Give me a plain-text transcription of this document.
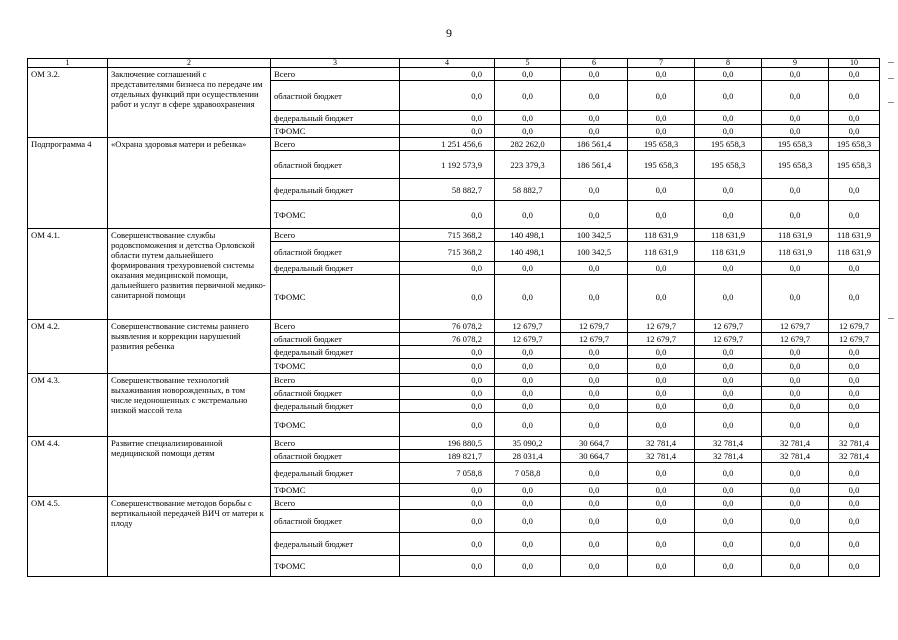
9
1	2	3	4	5	6	7	8	9	10
ОМ 3.2.	Заключение соглашений с представителями бизнеса по передаче им отдельных функций при осуществлении работ и услуг в сфере здравоохранения	Всего	0,0	0,0	0,0	0,0	0,0	0,0	0,0
		областной бюджет	0,0	0,0	0,0	0,0	0,0	0,0	0,0
		федеральный бюджет	0,0	0,0	0,0	0,0	0,0	0,0	0,0
		ТФОМС	0,0	0,0	0,0	0,0	0,0	0,0	0,0
Подпрограмма 4	«Охрана здоровья матери и ребенка»	Всего	1 251 456,6	282 262,0	186 561,4	195 658,3	195 658,3	195 658,3	195 658,3
		областной бюджет	1 192 573,9	223 379,3	186 561,4	195 658,3	195 658,3	195 658,3	195 658,3
		федеральный бюджет	58 882,7	58 882,7	0,0	0,0	0,0	0,0	0,0
		ТФОМС	0,0	0,0	0,0	0,0	0,0	0,0	0,0
ОМ 4.1.	Совершенствование службы родовспоможения и детства Орловской области путем дальнейшего формирования трехуровневой системы оказания медицинской помощи, дальнейшего развития первичной медико-санитарной помощи	Всего	715 368,2	140 498,1	100 342,5	118 631,9	118 631,9	118 631,9	118 631,9
		областной бюджет	715 368,2	140 498,1	100 342,5	118 631,9	118 631,9	118 631,9	118 631,9
		федеральный бюджет	0,0	0,0	0,0	0,0	0,0	0,0	0,0
		ТФОМС	0,0	0,0	0,0	0,0	0,0	0,0	0,0
ОМ 4.2.	Совершенствование системы раннего выявления и коррекции нарушений развития ребенка	Всего	76 078,2	12 679,7	12 679,7	12 679,7	12 679,7	12 679,7	12 679,7
		областной бюджет	76 078,2	12 679,7	12 679,7	12 679,7	12 679,7	12 679,7	12 679,7
		федеральный бюджет	0,0	0,0	0,0	0,0	0,0	0,0	0,0
		ТФОМС	0,0	0,0	0,0	0,0	0,0	0,0	0,0
ОМ 4.3.	Совершенствование технологий выхаживания новорожденных, в том числе недоношенных с экстремально низкой массой тела	Всего	0,0	0,0	0,0	0,0	0,0	0,0	0,0
		областной бюджет	0,0	0,0	0,0	0,0	0,0	0,0	0,0
		федеральный бюджет	0,0	0,0	0,0	0,0	0,0	0,0	0,0
		ТФОМС	0,0	0,0	0,0	0,0	0,0	0,0	0,0
ОМ 4.4.	Развитие специализированной медицинской помощи детям	Всего	196 880,5	35 090,2	30 664,7	32 781,4	32 781,4	32 781,4	32 781,4
		областной бюджет	189 821,7	28 031,4	30 664,7	32 781,4	32 781,4	32 781,4	32 781,4
		федеральный бюджет	7 058,8	7 058,8	0,0	0,0	0,0	0,0	0,0
		ТФОМС	0,0	0,0	0,0	0,0	0,0	0,0	0,0
ОМ 4.5.	Совершенствование методов борьбы с вертикальной передачей ВИЧ от матери к плоду	Всего	0,0	0,0	0,0	0,0	0,0	0,0	0,0
		областной бюджет	0,0	0,0	0,0	0,0	0,0	0,0	0,0
		федеральный бюджет	0,0	0,0	0,0	0,0	0,0	0,0	0,0
		ТФОМС	0,0	0,0	0,0	0,0	0,0	0,0	0,0
